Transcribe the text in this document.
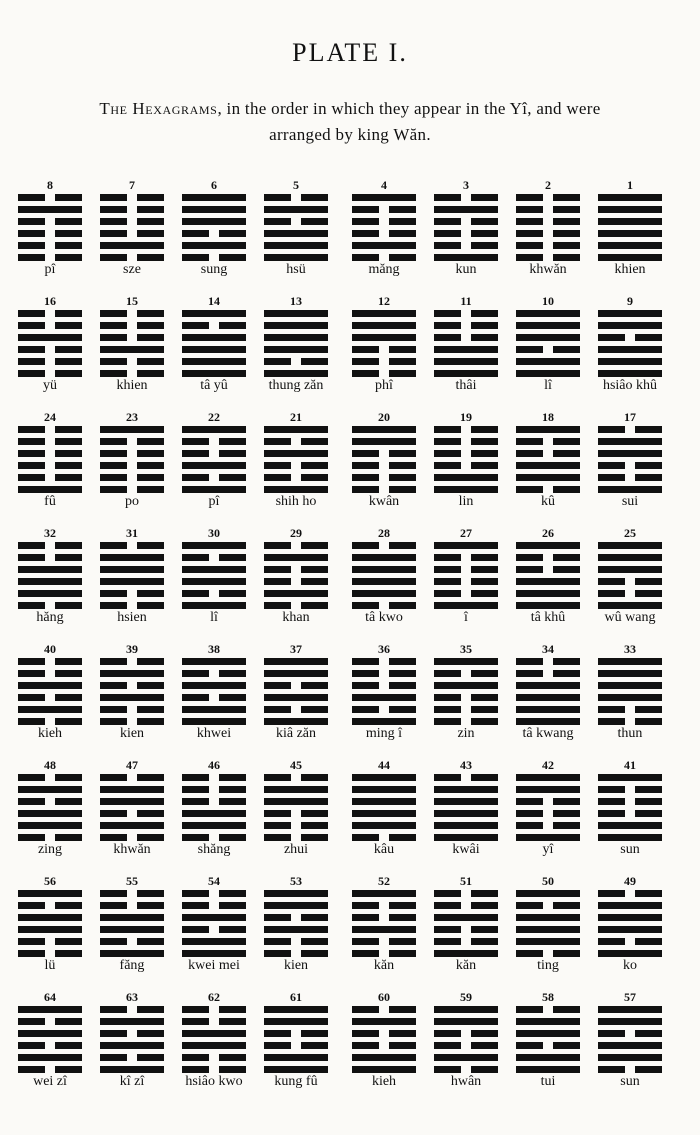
PLATE I.
The Hexagrams, in the order in which they appear in the Yî, and were
arranged by king Wăn.
8
pî
7
sze
6
sung
5
hsü
4
măng
3
kun
2
khwăn
1
khien
16
yü
15
khien
14
tâ yû
13
thung zăn
12
phî
11
thâi
10
lî
9
hsiâo khû
24
fû
23
po
22
pî
21
shih ho
20
kwân
19
lin
18
kû
17
sui
32
hăng
31
hsien
30
lî
29
khan
28
tâ kwo
27
î
26
tâ khû
25
wû wang
40
kieh
39
kien
38
khwei
37
kiâ zăn
36
ming î
35
zin
34
tâ kwang
33
thun
48
zing
47
khwăn
46
shăng
45
zhui
44
kâu
43
kwâi
42
yî
41
sun
56
lü
55
făng
54
kwei mei
53
kien
52
kăn
51
kăn
50
ting
49
ko
64
wei zî
63
kî zî
62
hsiâo kwo
61
kung fû
60
kieh
59
hwân
58
tui
57
sun
